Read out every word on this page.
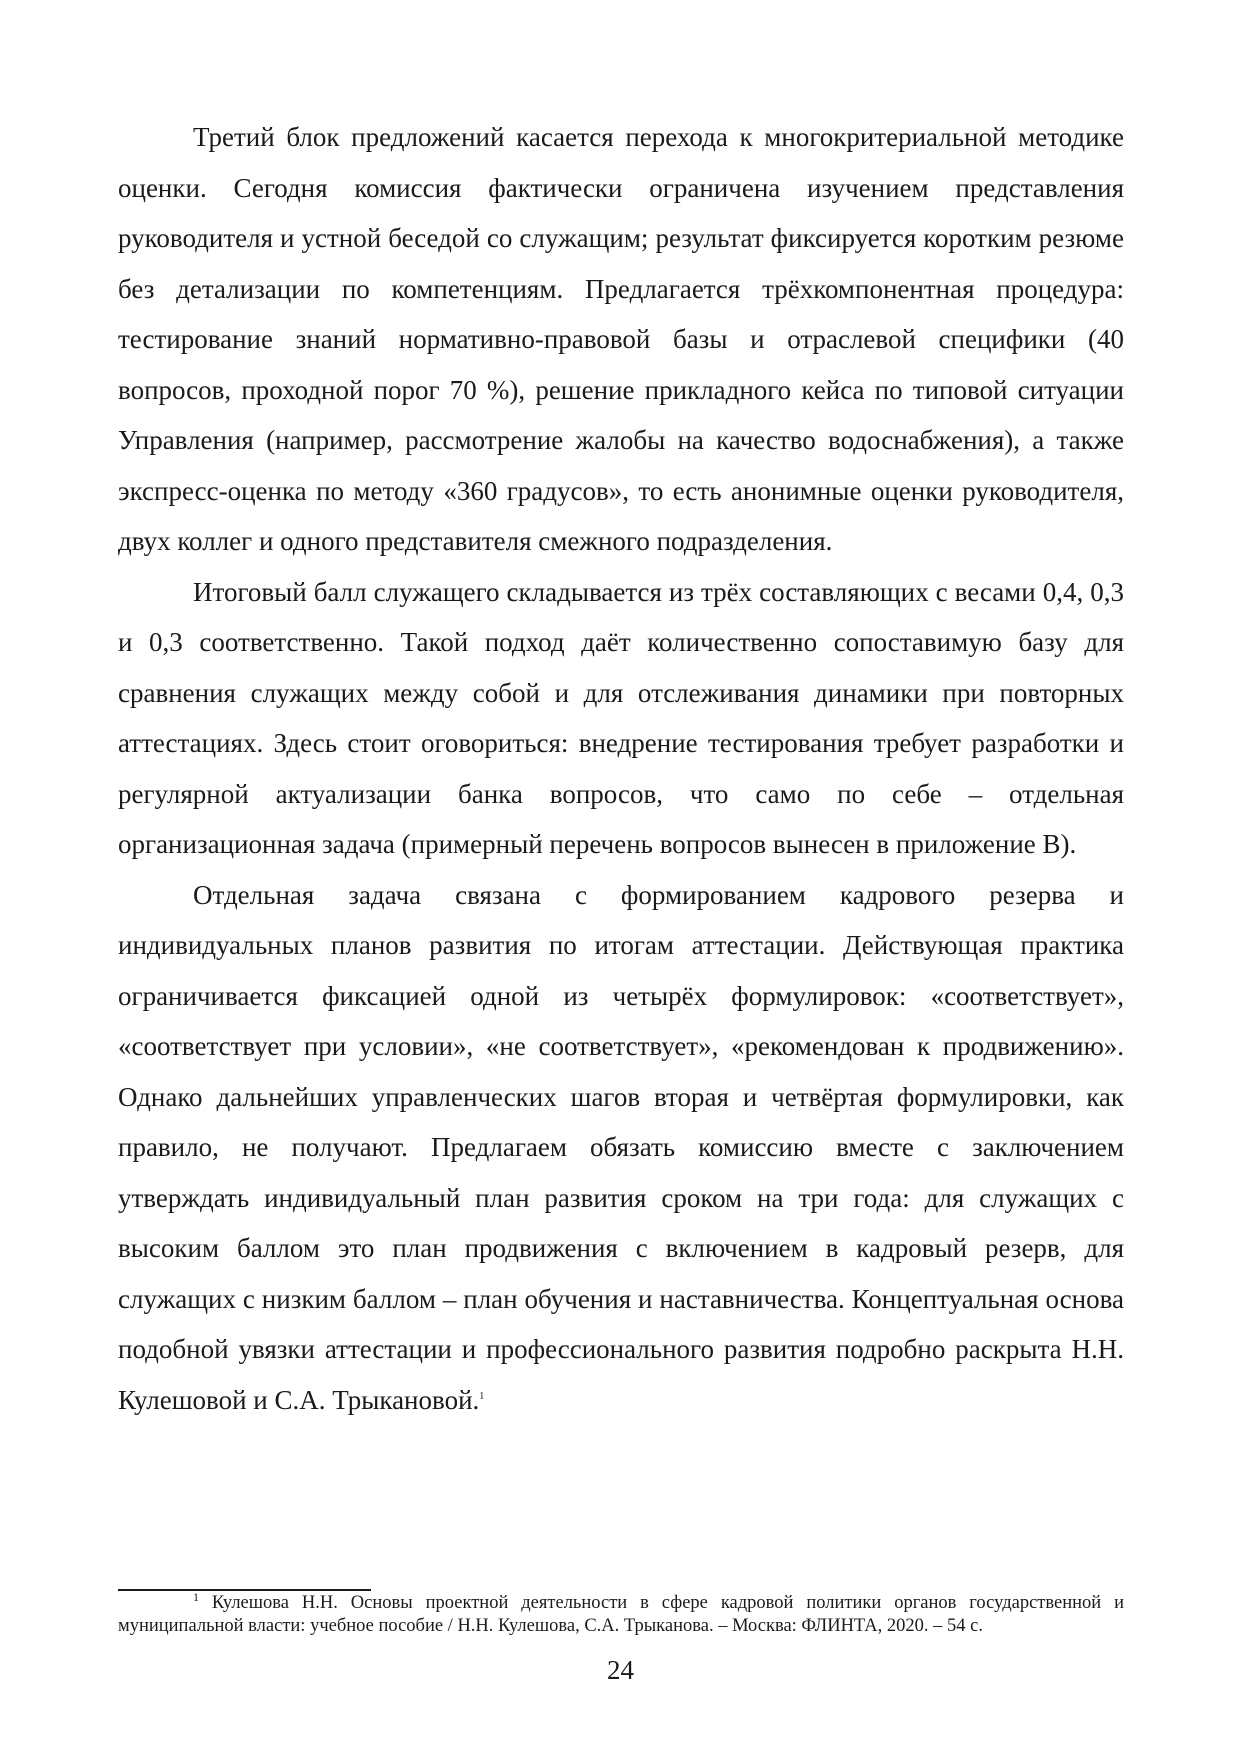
Третий блок предложений касается перехода к многокритериальной методике оценки. Сегодня комиссия фактически ограничена изучением представления руководителя и устной беседой со служащим; результат фиксируется коротким резюме без детализации по компетенциям. Предлагается трёхкомпонентная процедура: тестирование знаний нормативно-правовой базы и отраслевой специфики (40 вопросов, проходной порог 70 %), решение прикладного кейса по типовой ситуации Управления (например, рассмотрение жалобы на качество водоснабжения), а также экспресс-оценка по методу «360 градусов», то есть анонимные оценки руководителя, двух коллег и одного представителя смежного подразделения.

Итоговый балл служащего складывается из трёх составляющих с весами 0,4, 0,3 и 0,3 соответственно. Такой подход даёт количественно сопоставимую базу для сравнения служащих между собой и для отслеживания динамики при повторных аттестациях. Здесь стоит оговориться: внедрение тестирования требует разработки и регулярной актуализации банка вопросов, что само по себе – отдельная организационная задача (примерный перечень вопросов вынесен в приложение В).

Отдельная задача связана с формированием кадрового резерва и индивидуальных планов развития по итогам аттестации. Действующая практика ограничивается фиксацией одной из четырёх формулировок: «соответствует», «соответствует при условии», «не соответствует», «рекомендован к продвижению». Однако дальнейших управленческих шагов вторая и четвёртая формулировки, как правило, не получают. Предлагаем обязать комиссию вместе с заключением утверждать индивидуальный план развития сроком на три года: для служащих с высоким баллом это план продвижения с включением в кадровый резерв, для служащих с низким баллом – план обучения и наставничества. Концептуальная основа подобной увязки аттестации и профессионального развития подробно раскрыта Н.Н. Кулешовой и С.А. Трыкановой.$^1$

$^1$ Кулешова Н.Н. Основы проектной деятельности в сфере кадровой политики органов государственной и муниципальной власти: учебное пособие / Н.Н. Кулешова, С.А. Трыканова. – Москва: ФЛИНТА, 2020. – 54 с.

24
